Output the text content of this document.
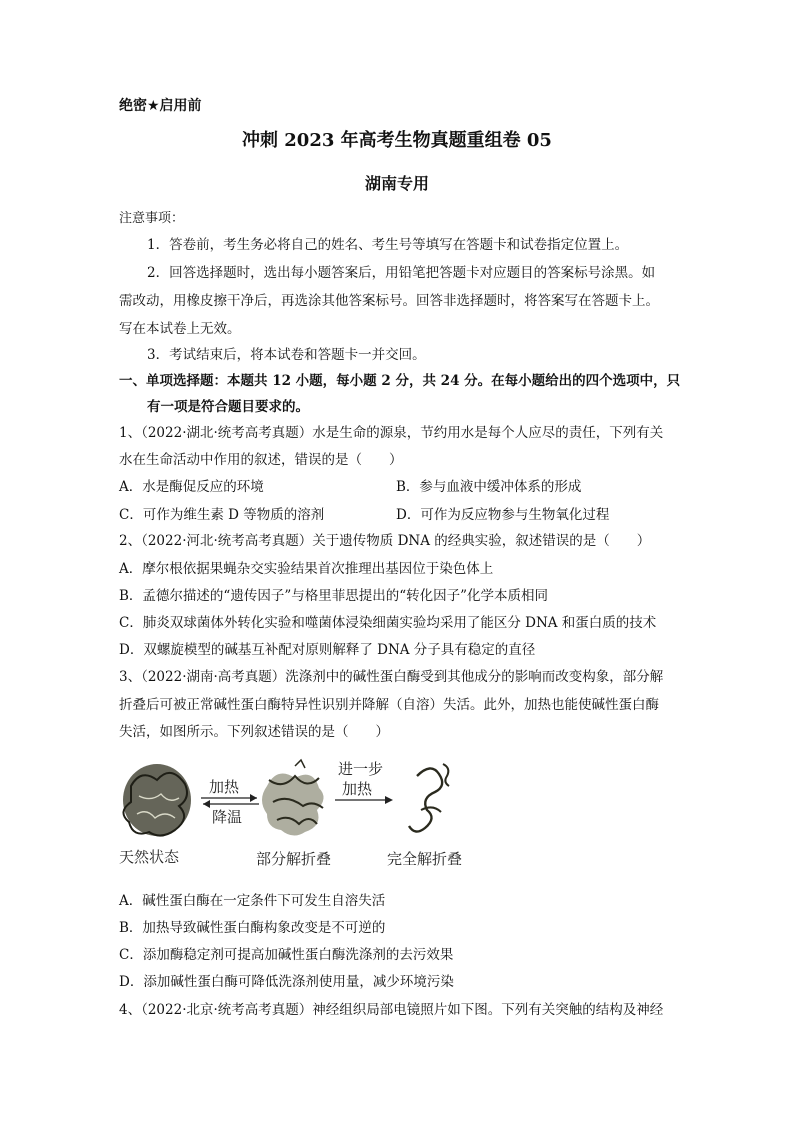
绝密★启用前
冲刺 2023 年高考生物真题重组卷 05
湖南专用
注意事项：
1．答卷前，考生务必将自己的姓名、考生号等填写在答题卡和试卷指定位置上。
2．回答选择题时，选出每小题答案后，用铅笔把答题卡对应题目的答案标号涂黑。如
需改动，用橡皮擦干净后，再选涂其他答案标号。回答非选择题时，将答案写在答题卡上。
写在本试卷上无效。
3．考试结束后，将本试卷和答题卡一并交回。
一、单项选择题：本题共 12 小题，每小题 2 分，共 24 分。在每小题给出的四个选项中，只
有一项是符合题目要求的。
1、（2022·湖北·统考高考真题）水是生命的源泉，节约用水是每个人应尽的责任，下列有关
水在生命活动中作用的叙述，错误的是（　　）
A．水是酶促反应的环境	B．参与血液中缓冲体系的形成
C．可作为维生素 D 等物质的溶剂	D．可作为反应物参与生物氧化过程
2、（2022·河北·统考高考真题）关于遗传物质 DNA 的经典实验，叙述错误的是（　　）
A．摩尔根依据果蝇杂交实验结果首次推理出基因位于染色体上
B．孟德尔描述的“遗传因子”与格里菲思提出的“转化因子”化学本质相同
C．肺炎双球菌体外转化实验和噬菌体浸染细菌实验均采用了能区分 DNA 和蛋白质的技术
D．双螺旋模型的碱基互补配对原则解释了 DNA 分子具有稳定的直径
3、（2022·湖南·高考真题）洗涤剂中的碱性蛋白酶受到其他成分的影响而改变构象，部分解
折叠后可被正常碱性蛋白酶特异性识别并降解（自溶）失活。此外，加热也能使碱性蛋白酶
失活，如图所示。下列叙述错误的是（　　）
加热
降温
进一步
加热
天然状态	部分解折叠	完全解折叠
A．碱性蛋白酶在一定条件下可发生自溶失活
B．加热导致碱性蛋白酶构象改变是不可逆的
C．添加酶稳定剂可提高加碱性蛋白酶洗涤剂的去污效果
D．添加碱性蛋白酶可降低洗涤剂使用量，减少环境污染
4、（2022·北京·统考高考真题）神经组织局部电镜照片如下图。下列有关突触的结构及神经
